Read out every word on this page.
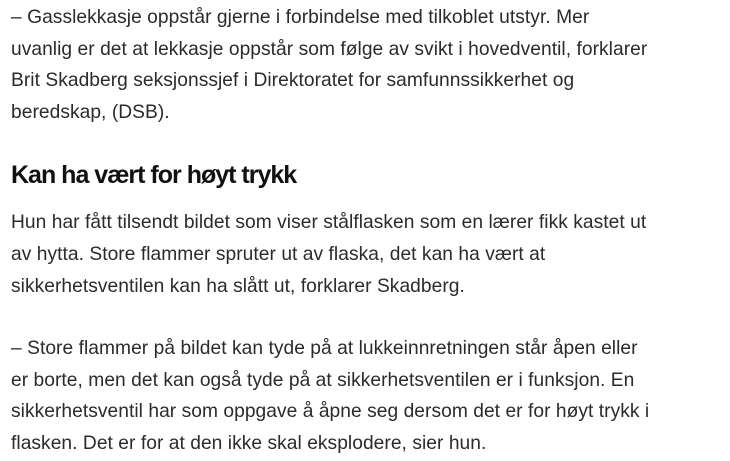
– Gasslekkasje oppstår gjerne i forbindelse med tilkoblet utstyr. Mer
uvanlig er det at lekkasje oppstår som følge av svikt i hovedventil, forklarer
Brit Skadberg seksjonssjef i Direktoratet for samfunnssikkerhet og
beredskap, (DSB).

Kan ha vært for høyt trykk

Hun har fått tilsendt bildet som viser stålflasken som en lærer fikk kastet ut
av hytta. Store flammer spruter ut av flaska, det kan ha vært at
sikkerhetsventilen kan ha slått ut, forklarer Skadberg.

– Store flammer på bildet kan tyde på at lukkeinnretningen står åpen eller
er borte, men det kan også tyde på at sikkerhetsventilen er i funksjon. En
sikkerhetsventil har som oppgave å åpne seg dersom det er for høyt trykk i
flasken. Det er for at den ikke skal eksplodere, sier hun.
